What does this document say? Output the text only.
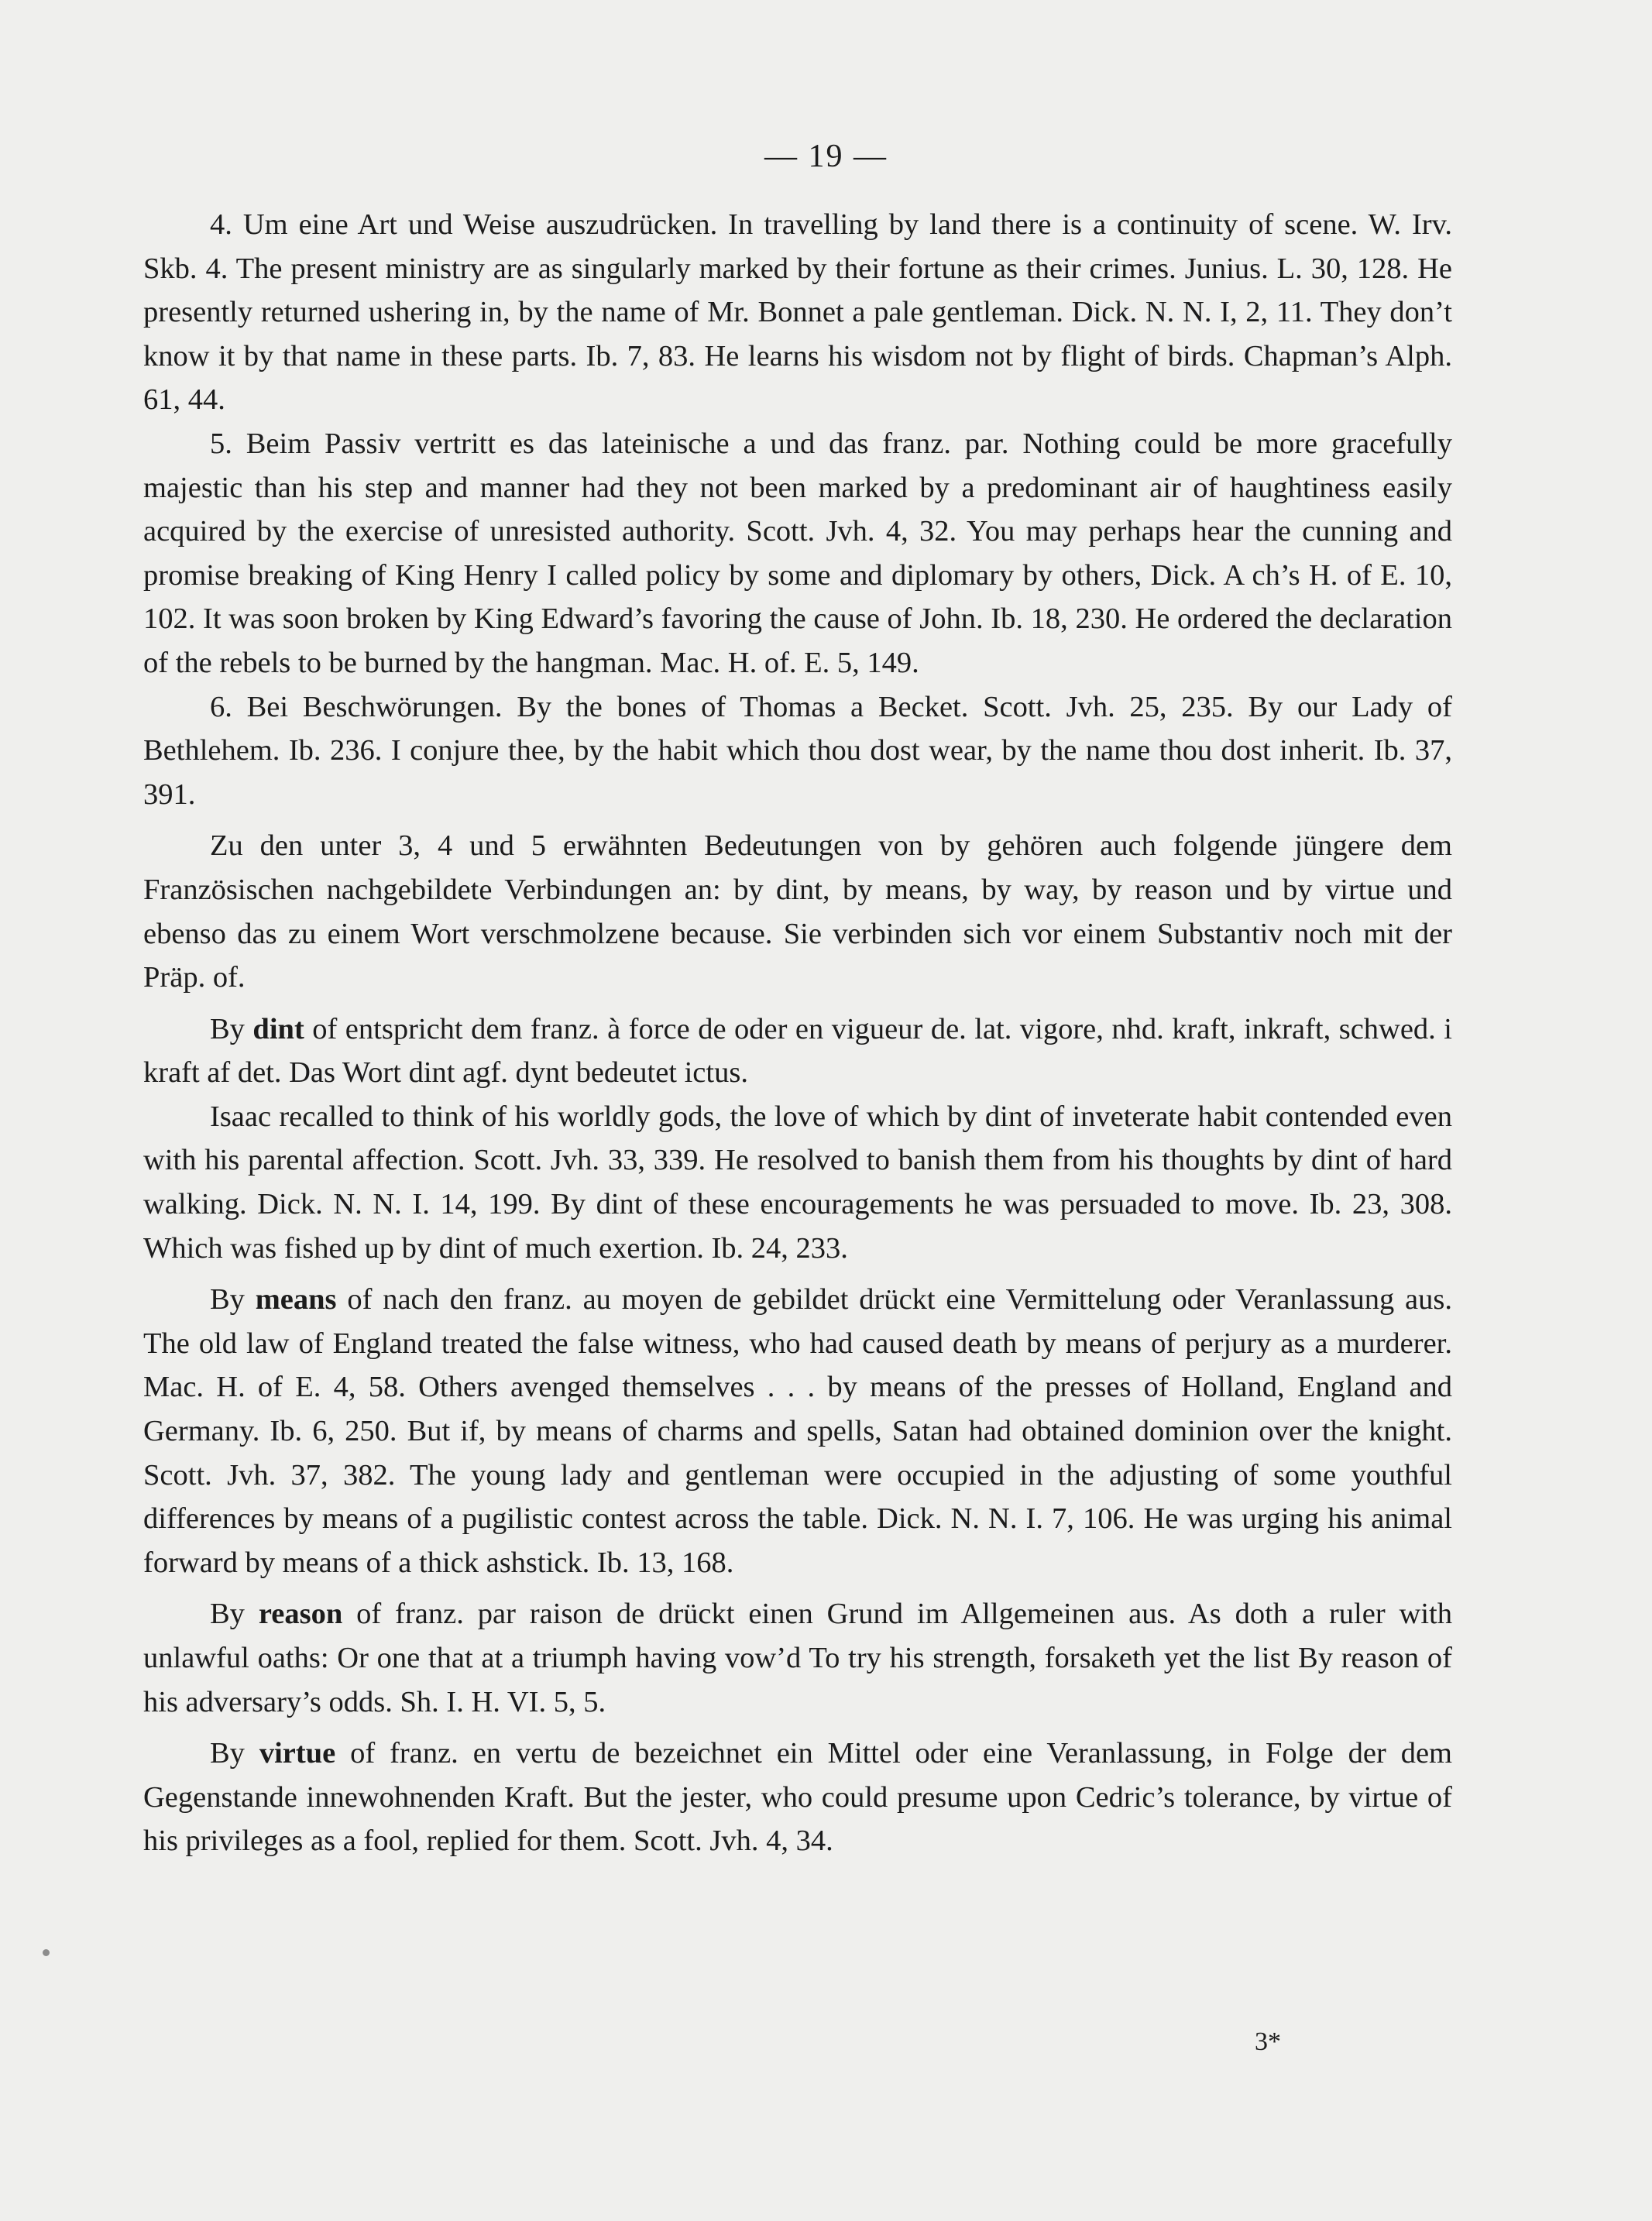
— 19 —

4. Um eine Art und Weise auszudrücken. In travelling by land there is a continuity of scene. W. Irv. Skb. 4. The present ministry are as singularly marked by their fortune as their crimes. Junius. L. 30, 128. He presently returned ushering in, by the name of Mr. Bonnet a pale gentleman. Dick. N. N. I, 2, 11. They don’t know it by that name in these parts. Ib. 7, 83. He learns his wisdom not by flight of birds. Chapman’s Alph. 61, 44.

5. Beim Passiv vertritt es das lateinische a und das franz. par. Nothing could be more gracefully majestic than his step and manner had they not been marked by a predominant air of haughtiness easily acquired by the exercise of unresisted authority. Scott. Jvh. 4, 32. You may perhaps hear the cunning and promise breaking of King Henry I called policy by some and diplomary by others, Dick. A ch’s H. of E. 10, 102. It was soon broken by King Edward’s favoring the cause of John. Ib. 18, 230. He ordered the declaration of the rebels to be burned by the hangman. Mac. H. of. E. 5, 149.

6. Bei Beschwörungen. By the bones of Thomas a Becket. Scott. Jvh. 25, 235. By our Lady of Bethlehem. Ib. 236. I conjure thee, by the habit which thou dost wear, by the name thou dost inherit. Ib. 37, 391.

Zu den unter 3, 4 und 5 erwähnten Bedeutungen von by gehören auch folgende jüngere dem Französischen nachgebildete Verbindungen an: by dint, by means, by way, by reason und by virtue und ebenso das zu einem Wort verschmolzene because. Sie verbinden sich vor einem Substantiv noch mit der Präp. of.

By dint of entspricht dem franz. à force de oder en vigueur de. lat. vigore, nhd. kraft, inkraft, schwed. i kraft af det. Das Wort dint agf. dynt bedeutet ictus.

Isaac recalled to think of his worldly gods, the love of which by dint of inveterate habit contended even with his parental affection. Scott. Jvh. 33, 339. He resolved to banish them from his thoughts by dint of hard walking. Dick. N. N. I. 14, 199. By dint of these encouragements he was persuaded to move. Ib. 23, 308. Which was fished up by dint of much exertion. Ib. 24, 233.

By means of nach den franz. au moyen de gebildet drückt eine Vermittelung oder Veranlassung aus. The old law of England treated the false witness, who had caused death by means of perjury as a murderer. Mac. H. of E. 4, 58. Others avenged themselves . . . by means of the presses of Holland, England and Germany. Ib. 6, 250. But if, by means of charms and spells, Satan had obtained dominion over the knight. Scott. Jvh. 37, 382. The young lady and gentleman were occupied in the adjusting of some youthful differences by means of a pugilistic contest across the table. Dick. N. N. I. 7, 106. He was urging his animal forward by means of a thick ashstick. Ib. 13, 168.

By reason of franz. par raison de drückt einen Grund im Allgemeinen aus. As doth a ruler with unlawful oaths: Or one that at a triumph having vow’d To try his strength, forsaketh yet the list By reason of his adversary’s odds. Sh. I. H. VI. 5, 5.

By virtue of franz. en vertu de bezeichnet ein Mittel oder eine Veranlassung, in Folge der dem Gegenstande innewohnenden Kraft. But the jester, who could presume upon Cedric’s tolerance, by virtue of his privileges as a fool, replied for them. Scott. Jvh. 4, 34.

3*
